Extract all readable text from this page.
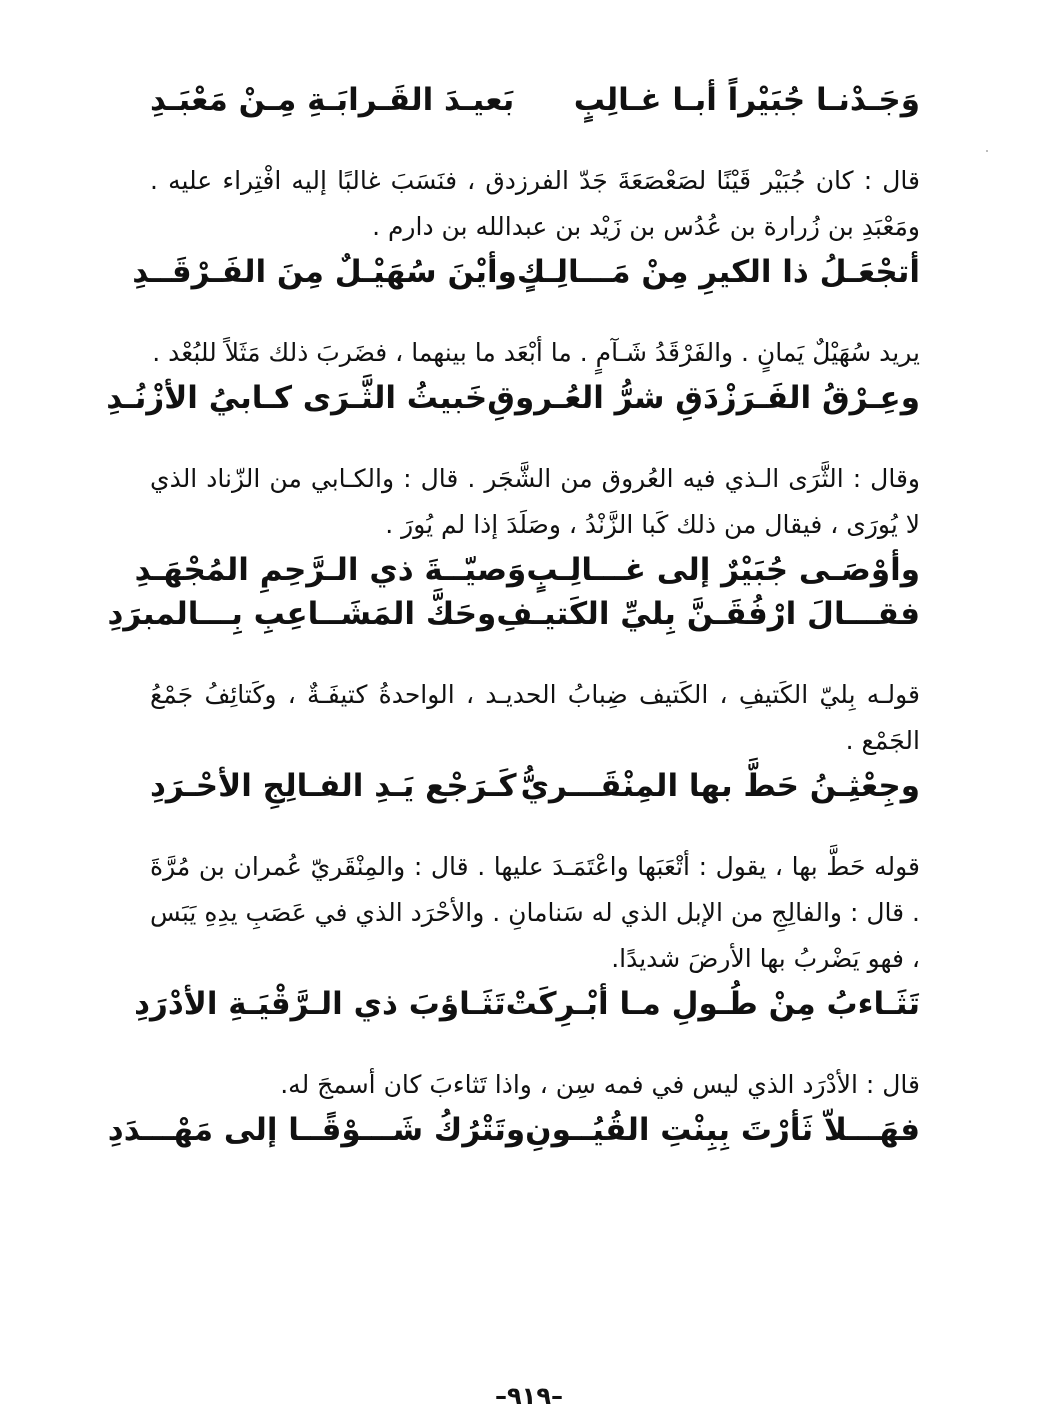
وَجَـدْنـا جُبَيْراً أبـا غـالِبٍ
بَعيـدَ القَـرابَـةِ مِـنْ مَعْبَـدِ

قال : كان جُبَيْر قَيْنًا لصَعْصَعَةَ جَدّ الفرزدق ، فنَسَبَ غالبًا إليه افْتِراء عليه . ومَعْبَدِ بن زُرارة بن عُدُس بن زَيْد بن عبدالله بن دارم .

أتجْعَـلُ ذا الكيرِ مِنْ مَـــالِـكٍ
وأيْنَ سُهَيْـلٌ مِنَ الفَـرْقَــدِ

يريد سُهَيْلٌ يَمانٍ . والفَرْقَدُ شَـآمٍ . ما أبْعَد ما بينهما ، فضَربَ ذلك مَثَلاً للبُعْد .

وعِـرْقُ الفَـرَزْدَقِ شرُّ العُـروقِ
خَبيثُ الثَّـرَى كـابيُ الأزْنُـدِ

وقال : الثَّرَى الـذي فيه العُروق من الشَّجَر . قال : والكـابي من الزّناد الذي لا يُورَى ، فيقال من ذلك كَبا الزَّنْدُ ، وصَلَدَ إذا لم يُورَ .

وأوْصَـى جُبَيْرٌ إلى غـــالِـبٍ
وَصيّــةَ ذي الـرَّحِمِ المُجْهَـدِ
فقـــالَ ارْفُقَـنَّ بِليِّ الكَتيـفِ
وحَكَّ المَشَــاعِبِ بِـــالمبرَدِ

قولـه بِليّ الكَتيفِ ، الكَتيف ضِبابُ الحديـد ، الواحدةُ كتيفَـةٌ ، وكَتائِفُ جَمْعُ الجَمْع .

وجِعْثِـنُ حَطَّ بها المِنْقَـــريُّ
كَـرَجْع يَـدِ الفـالِجِ الأحْـرَدِ

قوله حَطَّ بها ، يقول : أتْعَبَها واعْتَمَـدَ عليها . قال : والمِنْقَريّ عُمران بن مُرَّةَ . قال : والفالِجِ من الإبل الذي له سَنامانِ . والأحْرَد الذي في عَصَبِ يدِهِ يَبَس ، فهو يَضْربُ بها الأرضَ شديدًا.

تَثَـاءبُ مِنْ طُـولِ مـا أبْـرِكَتْ
تَثَـاؤبَ ذي الـرَّقْيَـةِ الأدْرَدِ

قال : الأدْرَد الذي ليس في فمه سِن ، واذا تَثاءبَ كان أسمجَ له.

فهَـــلاّ ثَأرْتَ بِبِنْتِ القُيُــونِ
وتَتْرُكُ شَـــوْقًــا إلى مَهْـــدَدِ
–٩١٩–
